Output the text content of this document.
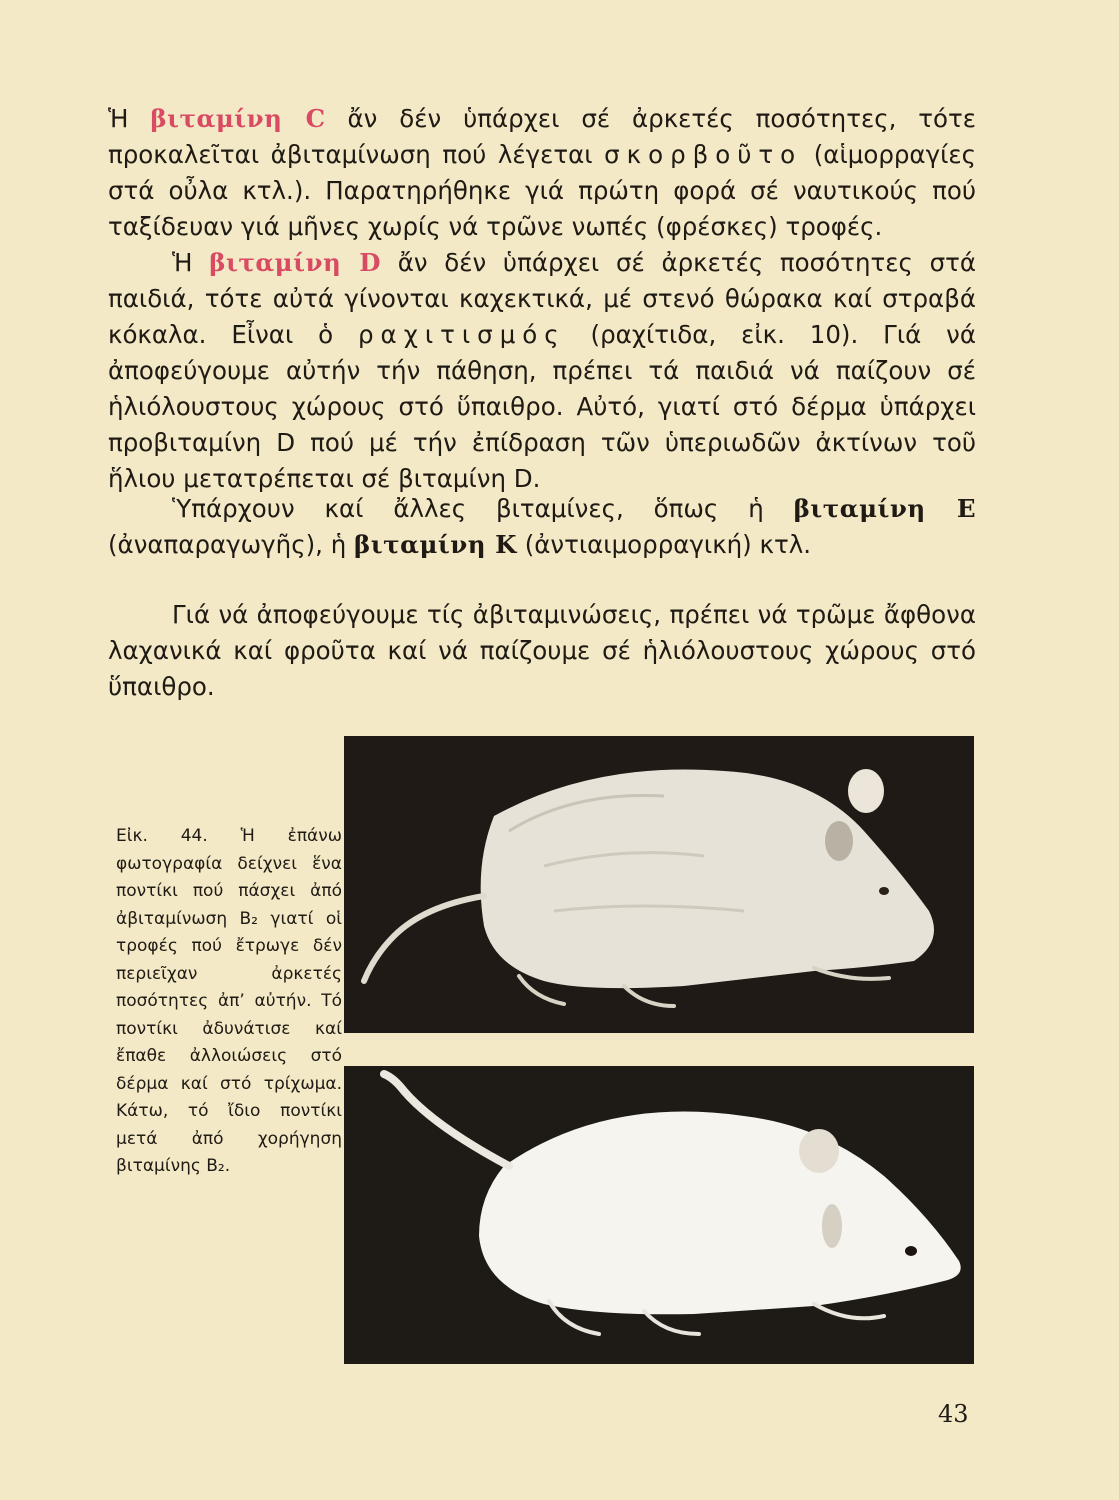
Ἡ βιταμίνη C ἄν δέν ὑπάρχει σέ ἀρκετές ποσότητες, τότε προκαλεῖται ἀβιταμίνωση πού λέγεται σκορβοῦτο (αἱμορραγίες στά οὖλα κτλ.). Παρατηρήθηκε γιά πρώτη φορά σέ ναυτικούς πού ταξίδευαν γιά μῆνες χωρίς νά τρῶνε νωπές (φρέσκες) τροφές.

Ἡ βιταμίνη D ἄν δέν ὑπάρχει σέ ἀρκετές ποσότητες στά παιδιά, τότε αὐτά γίνονται καχεκτικά, μέ στενό θώρακα καί στραβά κόκαλα. Εἶναι ὁ ραχιτισμός (ραχίτιδα, εἰκ. 10). Γιά νά ἀποφεύγουμε αὐτήν τήν πάθηση, πρέπει τά παιδιά νά παίζουν σέ ἡλιόλουστους χώρους στό ὕπαιθρο. Αὐτό, γιατί στό δέρμα ὑπάρχει προβιταμίνη D πού μέ τήν ἐπίδραση τῶν ὑπεριωδῶν ἀκτίνων τοῦ ἥλιου μετατρέπεται σέ βιταμίνη D.

Ὑπάρχουν καί ἄλλες βιταμίνες, ὅπως ἡ βιταμίνη Ε (ἀναπαραγωγῆς), ἡ βιταμίνη Κ (ἀντιαιμορραγική) κτλ.

Γιά νά ἀποφεύγουμε τίς ἀβιταμινώσεις, πρέπει νά τρῶμε ἄφθονα λαχανικά καί φροῦτα καί νά παίζουμε σέ ἡλιόλουστους χώρους στό ὕπαιθρο.

Εἰκ. 44. Ἡ ἐπάνω φωτογραφία δείχνει ἕνα ποντίκι πού πάσχει ἀπό ἀβιταμίνωση Β₂ γιατί οἱ τροφές πού ἔτρωγε δέν περιεῖχαν ἀρκετές ποσότητες ἀπ’ αὐτήν. Τό ποντίκι ἀδυνάτισε καί ἔπαθε ἀλλοιώσεις στό δέρμα καί στό τρίχωμα. Κάτω, τό ἴδιο ποντίκι μετά ἀπό χορήγηση βιταμίνης Β₂.

43
